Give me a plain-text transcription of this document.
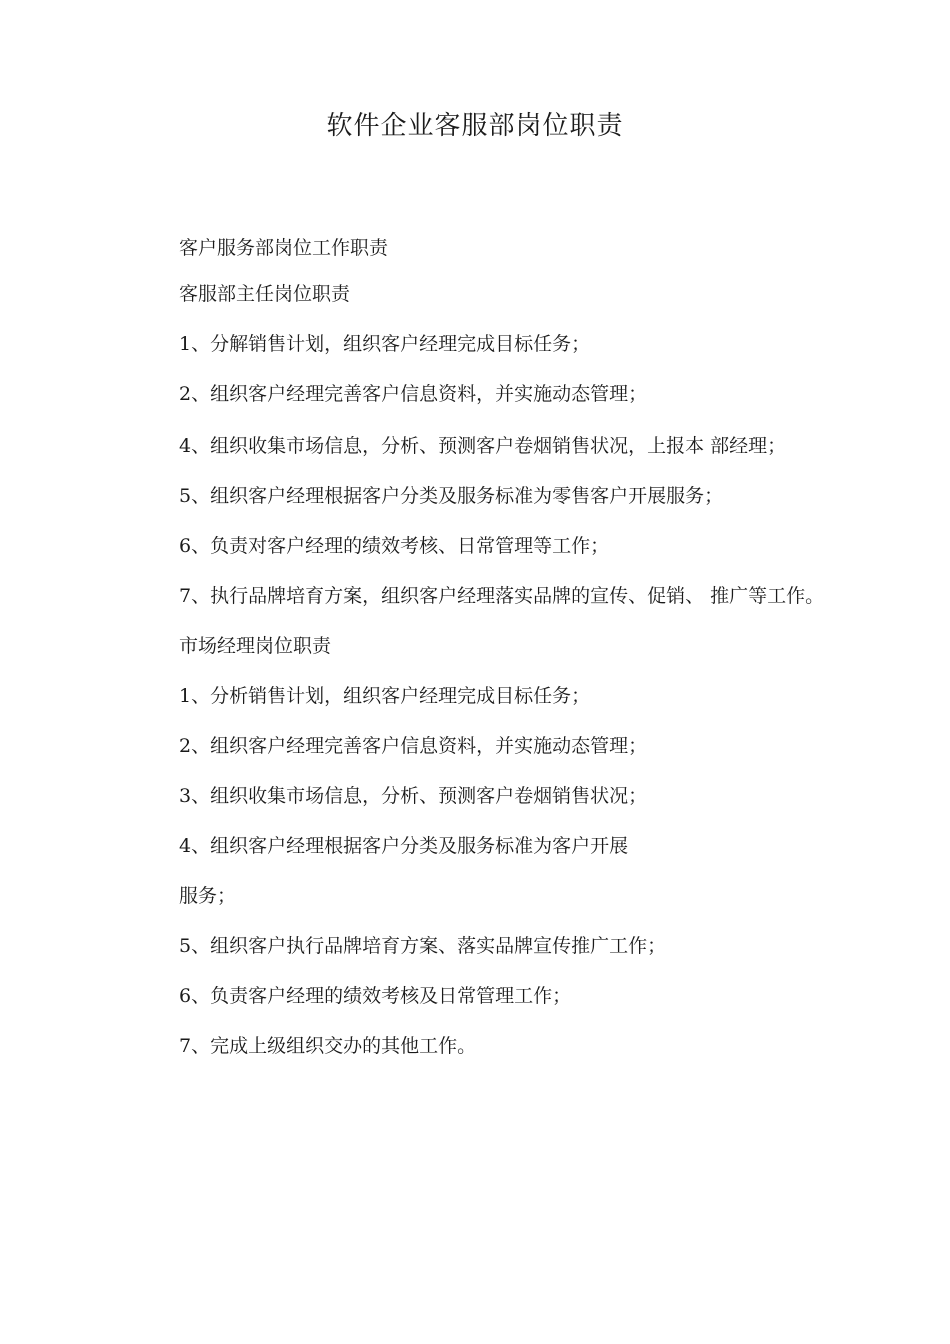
软件企业客服部岗位职责

客户服务部岗位工作职责

客服部主任岗位职责

1、分解销售计划，组织客户经理完成目标任务；

2、组织客户经理完善客户信息资料，并实施动态管理；

4、组织收集市场信息，分析、预测客户卷烟销售状况，上报本 部经理；

5、组织客户经理根据客户分类及服务标准为零售客户开展服务；

6、负责对客户经理的绩效考核、日常管理等工作；

7、执行品牌培育方案，组织客户经理落实品牌的宣传、促销、 推广等工作。

市场经理岗位职责

1、分析销售计划，组织客户经理完成目标任务；

2、组织客户经理完善客户信息资料，并实施动态管理；

3、组织收集市场信息，分析、预测客户卷烟销售状况；

4、组织客户经理根据客户分类及服务标准为客户开展

服务；

5、组织客户执行品牌培育方案、落实品牌宣传推广工作；

6、负责客户经理的绩效考核及日常管理工作；

7、完成上级组织交办的其他工作。
